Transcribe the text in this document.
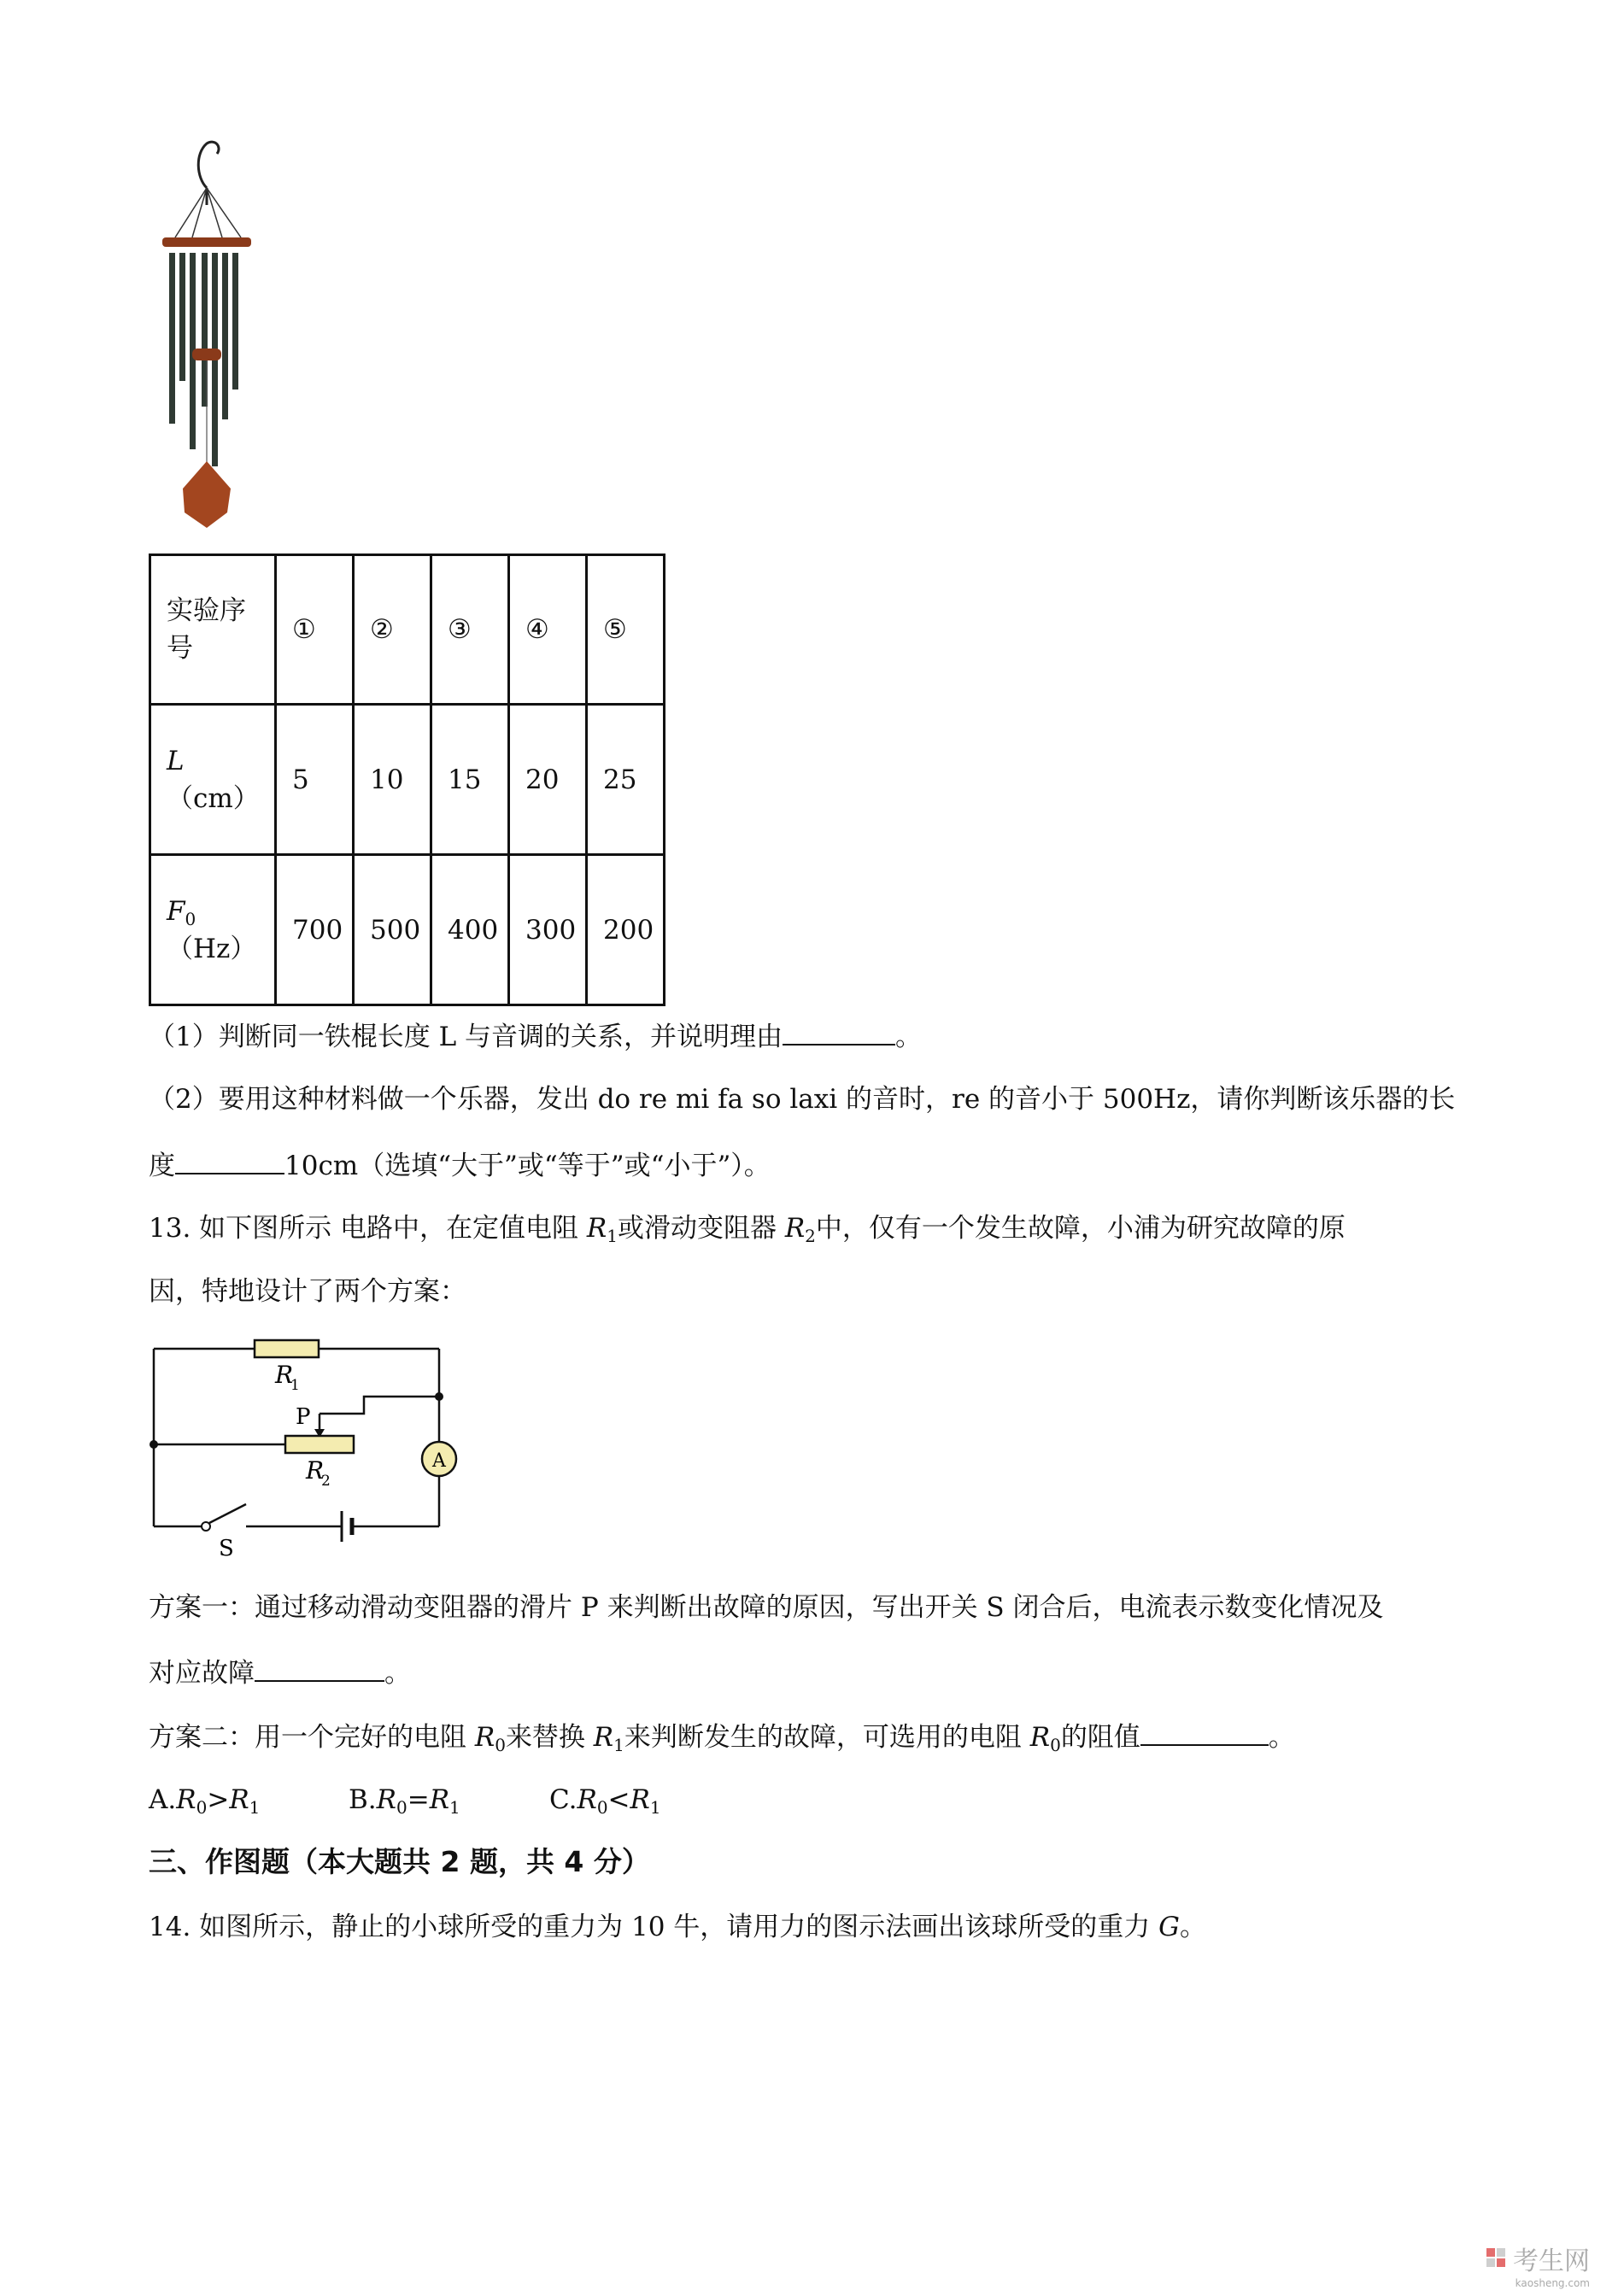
实验序
号	①	②	③	④	⑤
L
（cm）	5	10	15	20	25
$F_0$
（Hz）	700	500	400	300	200
（1）判断同一铁棍长度 L 与音调的关系，并说明理由	。
（2）要用这种材料做一个乐器，发出 do re mi fa so laxi 的音时，re 的音小于 500Hz，请你判断该乐器的长
度	10cm（选填“大于”或“等于”或“小于”）。
13. 如下图所示 电路中，在定值电阻 $R_1$或滑动变阻器 $R_2$中，仅有一个发生故障，小浦为研究故障的原
因，特地设计了两个方案：
A
R
1
P
R
2
S
方案一：通过移动滑动变阻器的滑片 P 来判断出故障的原因，写出开关 S 闭合后，电流表示数变化情况及
对应故障	。
方案二：用一个完好的电阻 $R_0$来替换 $R_1$来判断发生的故障，可选用的电阻 $R_0$的阻值	。
$A.R_0>R_1$	$B.R_0=R_1$	$C.R_0<R_1$
三、作图题（本大题共 2 题，共 4 分）
14. 如图所示，静止的小球所受的重力为 10 牛，请用力的图示法画出该球所受的重力 G。
考生网
kaosheng.com
